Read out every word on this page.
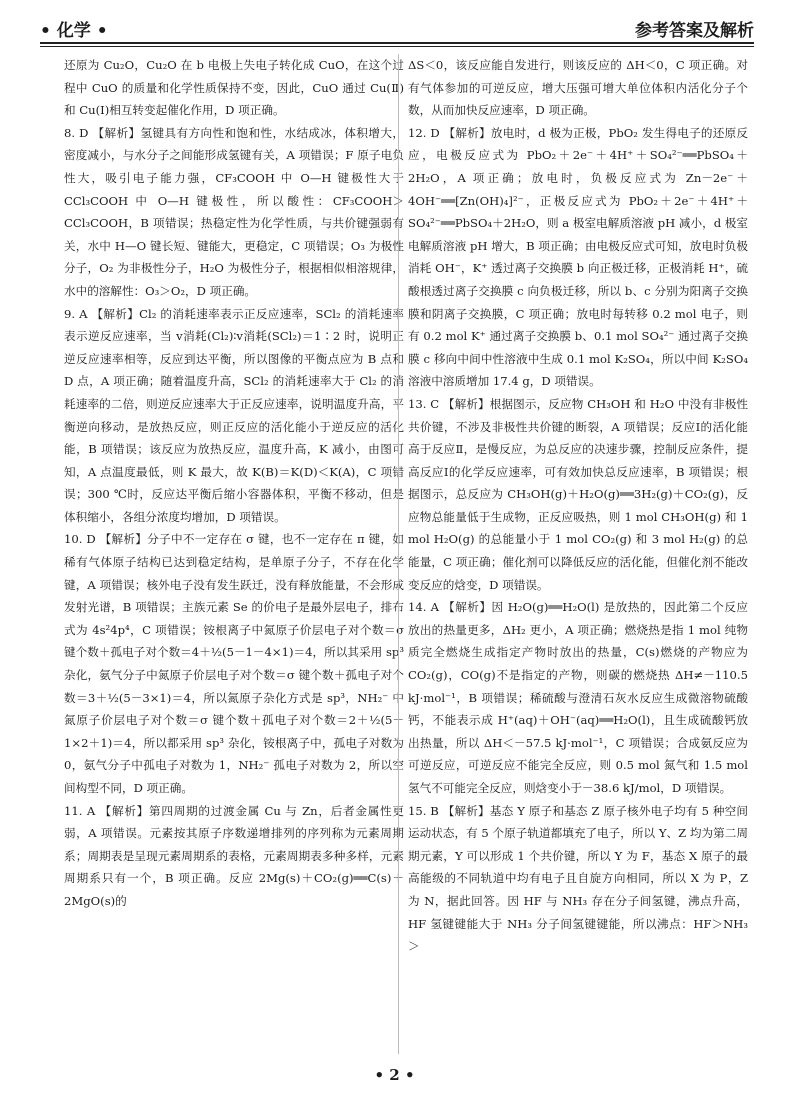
• 化学 •	参考答案及解析

还原为 Cu₂O，Cu₂O 在 b 电极上失电子转化成 CuO，在这个过程中 CuO 的质量和化学性质保持不变，因此，CuO 通过 Cu(Ⅱ)和 Cu(Ⅰ)相互转变起催化作用，D 项正确。

8. D 【解析】氢键具有方向性和饱和性，水结成冰，体积增大，密度减小，与水分子之间能形成氢键有关，A 项错误；F 原子电负性大，吸引电子能力强，CF₃COOH 中 O—H 键极性大于 CCl₃COOH 中 O—H 键极性，所以酸性：CF₃COOH＞CCl₃COOH，B 项错误；热稳定性为化学性质，与共价键强弱有关，水中 H—O 键长短、键能大，更稳定，C 项错误；O₃ 为极性分子，O₂ 为非极性分子，H₂O 为极性分子，根据相似相溶规律，水中的溶解性：O₃＞O₂，D 项正确。

9. A 【解析】Cl₂ 的消耗速率表示正反应速率，SCl₂ 的消耗速率表示逆反应速率，当 v消耗(Cl₂)∶v消耗(SCl₂)＝1∶2 时，说明正逆反应速率相等，反应到达平衡，所以图像的平衡点应为 B 点和 D 点，A 项正确；随着温度升高，SCl₂ 的消耗速率大于 Cl₂ 的消耗速率的二倍，则逆反应速率大于正反应速率，说明温度升高，平衡逆向移动，是放热反应，则正反应的活化能小于逆反应的活化能，B 项错误；该反应为放热反应，温度升高，K 减小，由图可知，A 点温度最低，则 K 最大，故 K(B)＝K(D)＜K(A)，C 项错误；300 ℃时，反应达平衡后缩小容器体积，平衡不移动，但是体积缩小，各组分浓度均增加，D 项错误。

10. D 【解析】分子中不一定存在 σ 键，也不一定存在 π 键，如稀有气体原子结构已达到稳定结构，是单原子分子，不存在化学键，A 项错误；核外电子没有发生跃迁，没有释放能量，不会形成发射光谱，B 项错误；主族元素 Se 的价电子是最外层电子，排布式为 4s²4p⁴，C 项错误；铵根离子中氮原子价层电子对个数＝σ 键个数＋孤电子对个数＝4＋½(5－1－4×1)＝4，所以其采用 sp³ 杂化，氨气分子中氮原子价层电子对个数＝σ 键个数＋孤电子对个数＝3＋½(5－3×1)＝4，所以氮原子杂化方式是 sp³，NH₂⁻ 中氮原子价层电子对个数＝σ 键个数＋孤电子对个数＝2＋½(5－1×2＋1)＝4，所以都采用 sp³ 杂化，铵根离子中，孤电子对数为 0，氨气分子中孤电子对数为 1，NH₂⁻ 孤电子对数为 2，所以空间构型不同，D 项正确。

11. A 【解析】第四周期的过渡金属 Cu 与 Zn，后者金属性更弱，A 项错误。元素按其原子序数递增排列的序列称为元素周期系；周期表是呈现元素周期系的表格，元素周期表多种多样，元素周期系只有一个，B 项正确。反应 2Mg(s)＋CO₂(g)══C(s)＋2MgO(s)的

ΔS＜0，该反应能自发进行，则该反应的 ΔH＜0，C 项正确。对有气体参加的可逆反应，增大压强可增大单位体积内活化分子个数，从而加快反应速率，D 项正确。

12. D 【解析】放电时，d 极为正极，PbO₂ 发生得电子的还原反应，电极反应式为 PbO₂＋2e⁻＋4H⁺＋SO₄²⁻══PbSO₄＋2H₂O，A 项正确；放电时，负极反应式为 Zn－2e⁻＋4OH⁻══[Zn(OH)₄]²⁻，正极反应式为 PbO₂＋2e⁻＋4H⁺＋SO₄²⁻══PbSO₄＋2H₂O，则 a 极室电解质溶液 pH 减小，d 极室电解质溶液 pH 增大，B 项正确；由电极反应式可知，放电时负极消耗 OH⁻，K⁺ 透过离子交换膜 b 向正极迁移，正极消耗 H⁺，硫酸根透过离子交换膜 c 向负极迁移，所以 b、c 分别为阳离子交换膜和阴离子交换膜，C 项正确；放电时每转移 0.2 mol 电子，则有 0.2 mol K⁺ 通过离子交换膜 b、0.1 mol SO₄²⁻ 通过离子交换膜 c 移向中间中性溶液中生成 0.1 mol K₂SO₄，所以中间 K₂SO₄ 溶液中溶质增加 17.4 g，D 项错误。

13. C 【解析】根据图示，反应物 CH₃OH 和 H₂O 中没有非极性共价键，不涉及非极性共价键的断裂，A 项错误；反应Ⅰ的活化能高于反应Ⅱ，是慢反应，为总反应的决速步骤，控制反应条件，提高反应Ⅰ的化学反应速率，可有效加快总反应速率，B 项错误；根据图示，总反应为 CH₃OH(g)＋H₂O(g)══3H₂(g)＋CO₂(g)，反应物总能量低于生成物，正反应吸热，则 1 mol CH₃OH(g) 和 1 mol H₂O(g) 的总能量小于 1 mol CO₂(g) 和 3 mol H₂(g) 的总能量，C 项正确；催化剂可以降低反应的活化能，但催化剂不能改变反应的焓变，D 项错误。

14. A 【解析】因 H₂O(g)══H₂O(l) 是放热的，因此第二个反应放出的热量更多，ΔH₂ 更小，A 项正确；燃烧热是指 1 mol 纯物质完全燃烧生成指定产物时放出的热量，C(s)燃烧的产物应为 CO₂(g)，CO(g)不是指定的产物，则碳的燃烧热 ΔH≠－110.5 kJ·mol⁻¹，B 项错误；稀硫酸与澄清石灰水反应生成微溶物硫酸钙，不能表示成 H⁺(aq)＋OH⁻(aq)══H₂O(l)，且生成硫酸钙放出热量，所以 ΔH＜－57.5 kJ·mol⁻¹，C 项错误；合成氨反应为可逆反应，可逆反应不能完全反应，则 0.5 mol 氮气和 1.5 mol 氢气不可能完全反应，则焓变小于－38.6 kJ/mol，D 项错误。

15. B 【解析】基态 Y 原子和基态 Z 原子核外电子均有 5 种空间运动状态，有 5 个原子轨道都填充了电子，所以 Y、Z 均为第二周期元素，Y 可以形成 1 个共价键，所以 Y 为 F，基态 X 原子的最高能级的不同轨道中均有电子且自旋方向相同，所以 X 为 P，Z 为 N，据此回答。因 HF 与 NH₃ 存在分子间氢键，沸点升高，HF 氢键键能大于 NH₃ 分子间氢键键能，所以沸点：HF＞NH₃＞

• 2 •
